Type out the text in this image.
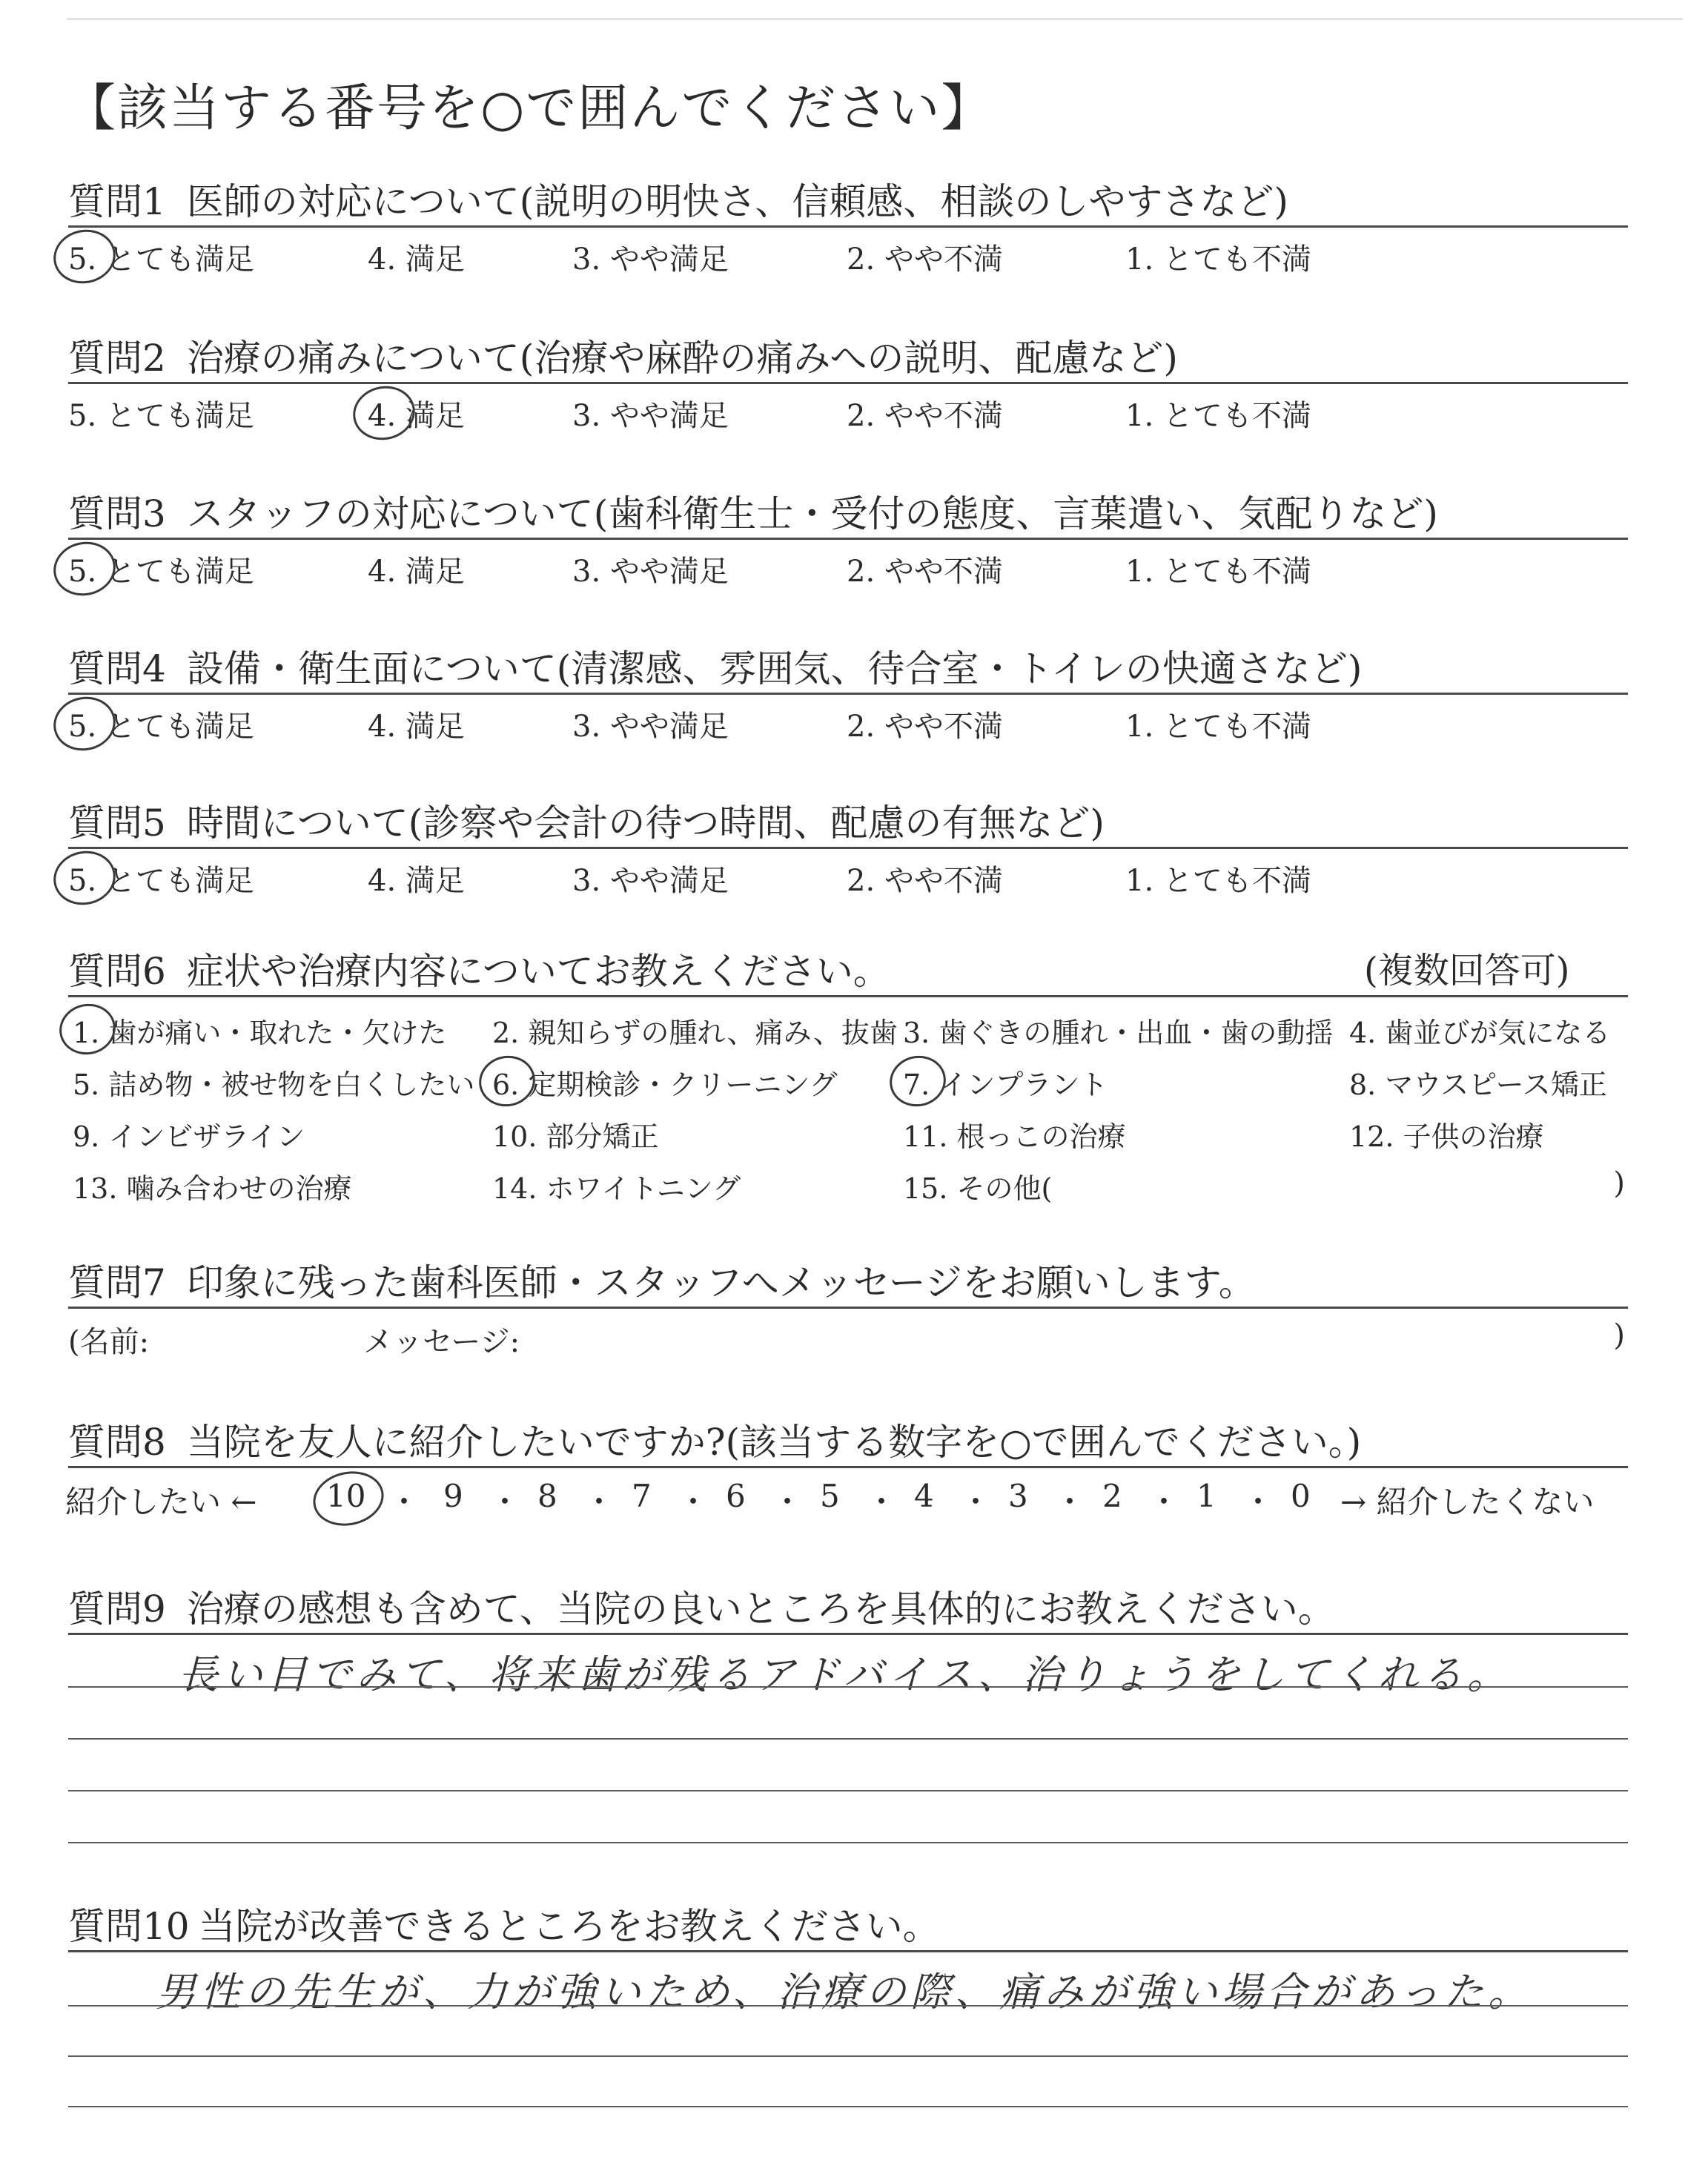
【該当する番号を○で囲んでください】
質問1 医師の対応について(説明の明快さ、信頼感、相談のしやすさなど)
5. とても満足	4. 満足	3. やや満足	2. やや不満	1. とても不満
質問2 治療の痛みについて(治療や麻酔の痛みへの説明、配慮など)
5. とても満足	4. 満足	3. やや満足	2. やや不満	1. とても不満
質問3 スタッフの対応について(歯科衛生士・受付の態度、言葉遣い、気配りなど)
5. とても満足	4. 満足	3. やや満足	2. やや不満	1. とても不満
質問4 設備・衛生面について(清潔感、雰囲気、待合室・トイレの快適さなど)
5. とても満足	4. 満足	3. やや満足	2. やや不満	1. とても不満
質問5 時間について(診察や会計の待つ時間、配慮の有無など)
5. とても満足	4. 満足	3. やや満足	2. やや不満	1. とても不満
質問6 症状や治療内容についてお教えください。	(複数回答可)
1. 歯が痛い・取れた・欠けた 2. 親知らずの腫れ、痛み、抜歯 3. 歯ぐきの腫れ・出血・歯の動揺 4. 歯並びが気になる
5. 詰め物・被せ物を白くしたい 6. 定期検診・クリーニング 7. インプラント	8. マウスピース矯正
9. インビザライン	10. 部分矯正	11. 根っこの治療	12. 子供の治療
13. 噛み合わせの治療	14. ホワイトニング	15. その他(	)
質問7 印象に残った歯科医師・スタッフへメッセージをお願いします。
(名前:	メッセージ:	)
質問8 当院を友人に紹介したいですか?(該当する数字を○で囲んでください。)
紹介したい ← 10 ・ 9 ・ 8 ・ 7 ・ 6 ・ 5 ・ 4 ・ 3 ・ 2 ・ 1 ・ 0 → 紹介したくない
質問9 治療の感想も含めて、当院の良いところを具体的にお教えください。
長い目でみて、将来歯が残るアドバイス、治りょうをしてくれる。
質問10 当院が改善できるところをお教えください。
男性の先生が、力が強いため、治療の際、痛みが強い場合があった。
